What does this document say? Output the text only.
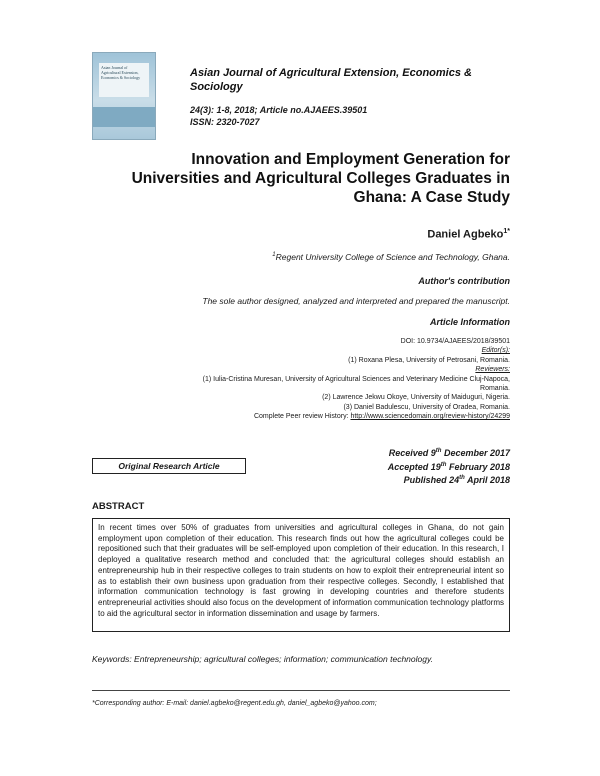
Asian Journal of Agricultural Extension, Economics & Sociology	Asian Journal of Agricultural Extension, Economics & Sociology
24(3): 1-8, 2018; Article no.AJAEES.39501
ISSN: 2320-7027
Innovation and Employment Generation for Universities and Agricultural Colleges Graduates in Ghana: A Case Study
Daniel Agbeko$^{1*}$
$^1$Regent University College of Science and Technology, Ghana.
Author's contribution
The sole author designed, analyzed and interpreted and prepared the manuscript.
Article Information
DOI: 10.9734/AJAEES/2018/39501
Editor(s):
(1) Roxana Plesa, University of Petrosani, Romania.
Reviewers:
(1) Iulia-Cristina Muresan, University of Agricultural Sciences and Veterinary Medicine Cluj-Napoca,
Romania.
(2) Lawrence Jekwu Okoye, University of Maiduguri, Nigeria.
(3) Daniel Badulescu, University of Oradea, Romania.
Complete Peer review History: http://www.sciencedomain.org/review-history/24299
Original Research Article
Received 9th December 2017
Accepted 19th February 2018
Published 24th April 2018
ABSTRACT
In recent times over 50% of graduates from universities and agricultural colleges in Ghana, do not gain employment upon completion of their education. This research finds out how the agricultural colleges could be repositioned such that their graduates will be self-employed upon completion of their education. In this research, I deployed a qualitative research method and concluded that: the agricultural colleges should establish an entrepreneurship hub in their respective colleges to train students on how to exploit their entrepreneurial intent so as to establish their own business upon graduation from their respective colleges. Secondly, I established that information communication technology is fast growing in developing countries and therefore students entrepreneurial activities should also focus on the development of information communication technology platforms to aid the agricultural sector in information dissemination and usage by farmers.
Keywords: Entrepreneurship; agricultural colleges; information; communication technology.
*Corresponding author: E-mail: daniel.agbeko@regent.edu.gh, daniel_agbeko@yahoo.com;
